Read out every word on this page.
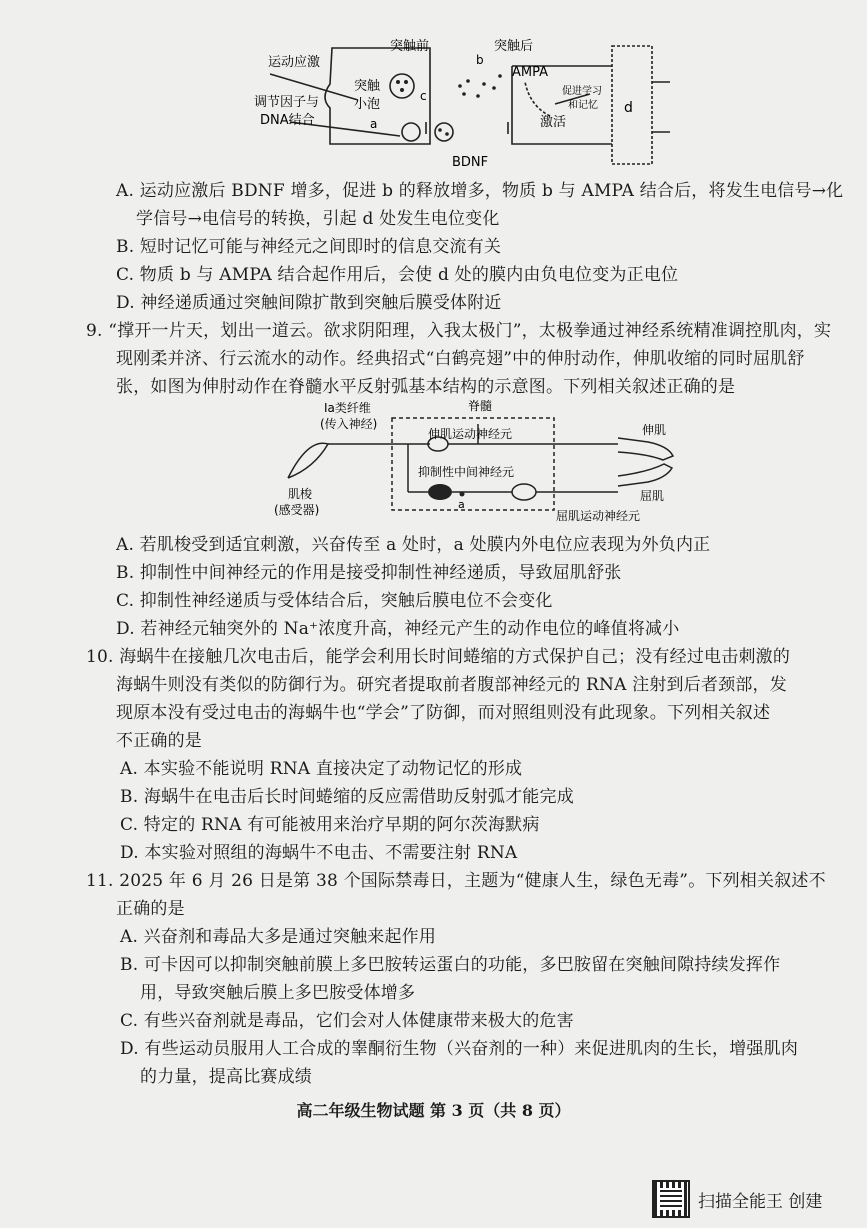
运动应激
调节因子与
DNA结合
突触前	突触后
突触
小泡
c
b
a
AMPA
BDNF
激活
促进学习
和记忆 d
A. 运动应激后 BDNF 增多，促进 b 的释放增多，物质 b 与 AMPA 结合后，将发生电信号→化
学信号→电信号的转换，引起 d 处发生电位变化
B. 短时记忆可能与神经元之间即时的信息交流有关
C. 物质 b 与 AMPA 结合起作用后，会使 d 处的膜内由负电位变为正电位
D. 神经递质通过突触间隙扩散到突触后膜受体附近
9. “撑开一片天，划出一道云。欲求阴阳理，入我太极门”，太极拳通过神经系统精准调控肌肉，实
现刚柔并济、行云流水的动作。经典招式“白鹤亮翅”中的伸肘动作，伸肌收缩的同时屈肌舒
张，如图为伸肘动作在脊髓水平反射弧基本结构的示意图。下列相关叙述正确的是
Ia类纤维
(传入神经)
脊髓
伸肌运动神经元
抑制性中间神经元
a
肌梭
(感受器)
伸肌
屈肌
屈肌运动神经元
A. 若肌梭受到适宜刺激，兴奋传至 a 处时，a 处膜内外电位应表现为外负内正
B. 抑制性中间神经元的作用是接受抑制性神经递质，导致屈肌舒张
C. 抑制性神经递质与受体结合后，突触后膜电位不会变化
D. 若神经元轴突外的 Na⁺浓度升高，神经元产生的动作电位的峰值将减小
10. 海蜗牛在接触几次电击后，能学会利用长时间蜷缩的方式保护自己；没有经过电击刺激的
海蜗牛则没有类似的防御行为。研究者提取前者腹部神经元的 RNA 注射到后者颈部，发
现原本没有受过电击的海蜗牛也“学会”了防御，而对照组则没有此现象。下列相关叙述
不正确的是
A. 本实验不能说明 RNA 直接决定了动物记忆的形成
B. 海蜗牛在电击后长时间蜷缩的反应需借助反射弧才能完成
C. 特定的 RNA 有可能被用来治疗早期的阿尔茨海默病
D. 本实验对照组的海蜗牛不电击、不需要注射 RNA
11. 2025 年 6 月 26 日是第 38 个国际禁毒日，主题为“健康人生，绿色无毒”。下列相关叙述不
正确的是
A. 兴奋剂和毒品大多是通过突触来起作用
B. 可卡因可以抑制突触前膜上多巴胺转运蛋白的功能，多巴胺留在突触间隙持续发挥作
用，导致突触后膜上多巴胺受体增多
C. 有些兴奋剂就是毒品，它们会对人体健康带来极大的危害
D. 有些运动员服用人工合成的睾酮衍生物（兴奋剂的一种）来促进肌肉的生长，增强肌肉
的力量，提高比赛成绩
高二年级生物试题 第 3 页（共 8 页）
扫描全能王 创建
